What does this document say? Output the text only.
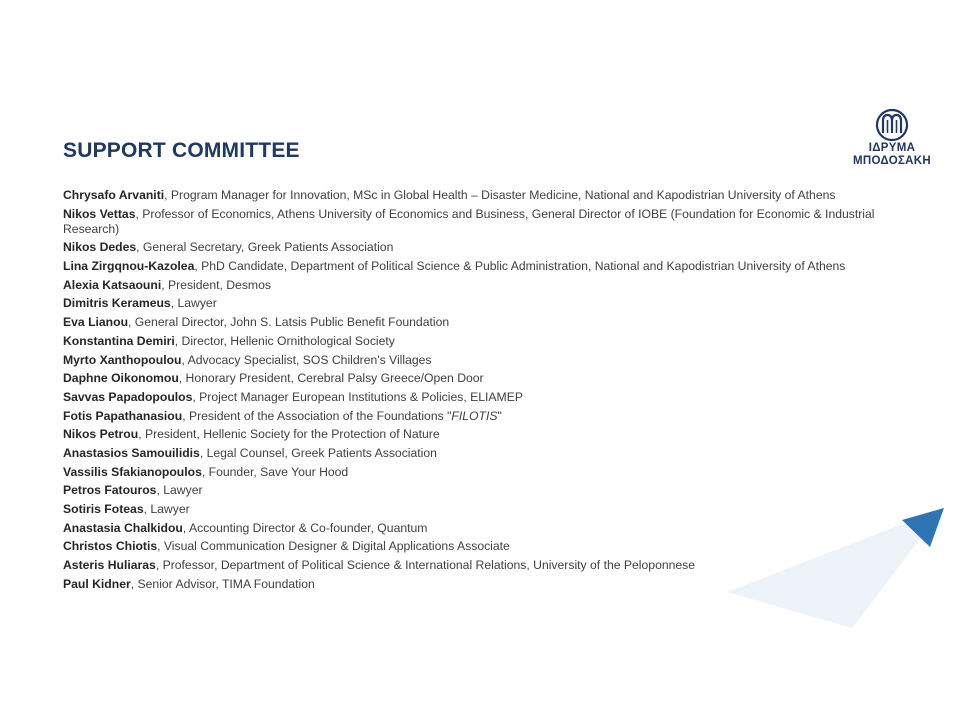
SUPPORT COMMITTEE	ΙΔΡΥΜΑ
ΜΠΟΔΟΣΑΚΗ
Chrysafo Arvaniti, Program Manager for Innovation, MSc in Global Health – Disaster Medicine, National and Kapodistrian University of Athens
Nikos Vettas, Professor of Economics, Athens University of Economics and Business, General Director of IOBE (Foundation for Economic & Industrial Research)
Nikos Dedes, General Secretary, Greek Patients Association
Lina Zirgqnou-Kazolea, PhD Candidate, Department of Political Science & Public Administration, National and Kapodistrian University of Athens
Alexia Katsaouni, President, Desmos
Dimitris Kerameus, Lawyer
Eva Lianou, General Director, John S. Latsis Public Benefit Foundation
Konstantina Demiri, Director, Hellenic Ornithological Society
Myrto Xanthopoulou, Advocacy Specialist, SOS Children's Villages
Daphne Oikonomou, Honorary President, Cerebral Palsy Greece/Open Door
Savvas Papadopoulos, Project Manager European Institutions & Policies, ELIAMEP
Fotis Papathanasiou, President of the Association of the Foundations "FILOTIS"
Nikos Petrou, President, Hellenic Society for the Protection of Nature
Anastasios Samouilidis, Legal Counsel, Greek Patients Association
Vassilis Sfakianopoulos, Founder, Save Your Hood
Petros Fatouros, Lawyer
Sotiris Foteas, Lawyer
Anastasia Chalkidou, Accounting Director & Co-founder, Quantum
Christos Chiotis, Visual Communication Designer & Digital Applications Associate
Asteris Huliaras, Professor, Department of Political Science & International Relations, University of the Peloponnese
Paul Kidner, Senior Advisor, TIMA Foundation
